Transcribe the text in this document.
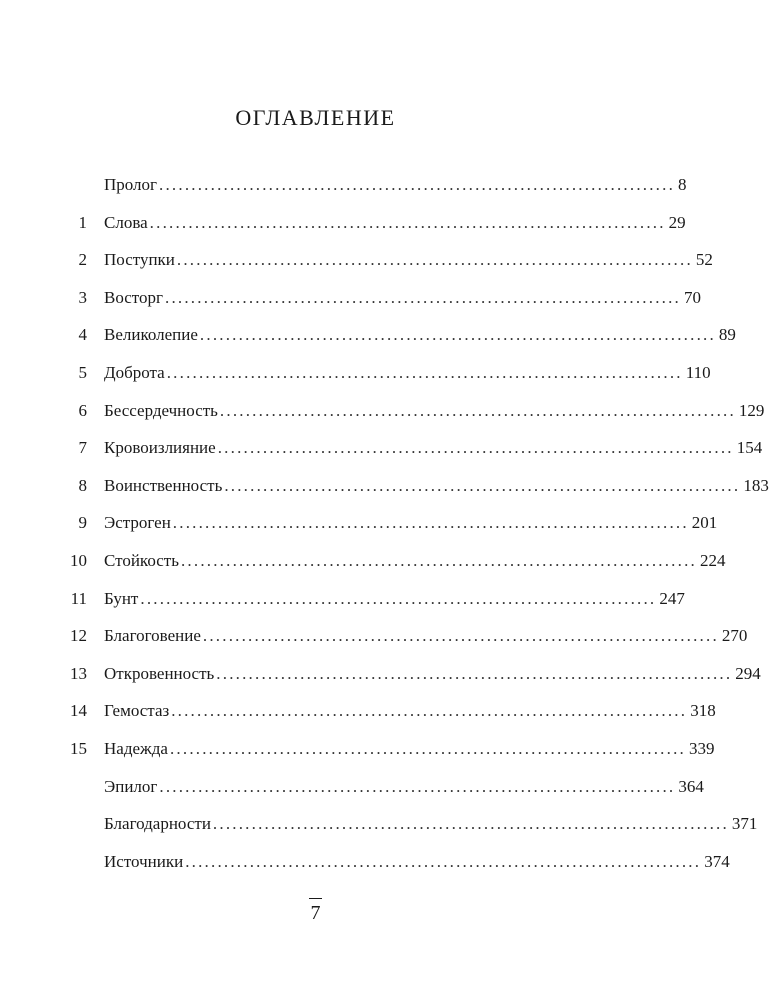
ОГЛАВЛЕНИЕ
Пролог ................................................................................ 8
1 Слова ................................................................................ 29
2 Поступки ................................................................................ 52
3 Восторг ................................................................................ 70
4 Великолепие ................................................................................ 89
5 Доброта ................................................................................ 110
6 Бессердечность ................................................................................ 129
7 Кровоизлияние ................................................................................ 154
8 Воинственность ................................................................................ 183
9 Эстроген ................................................................................ 201
10 Стойкость ................................................................................ 224
11 Бунт ................................................................................ 247
12 Благоговение ................................................................................ 270
13 Откровенность ................................................................................ 294
14 Гемостаз ................................................................................ 318
15 Надежда ................................................................................ 339
Эпилог ................................................................................ 364
Благодарности ................................................................................ 371
Источники ................................................................................ 374
7
